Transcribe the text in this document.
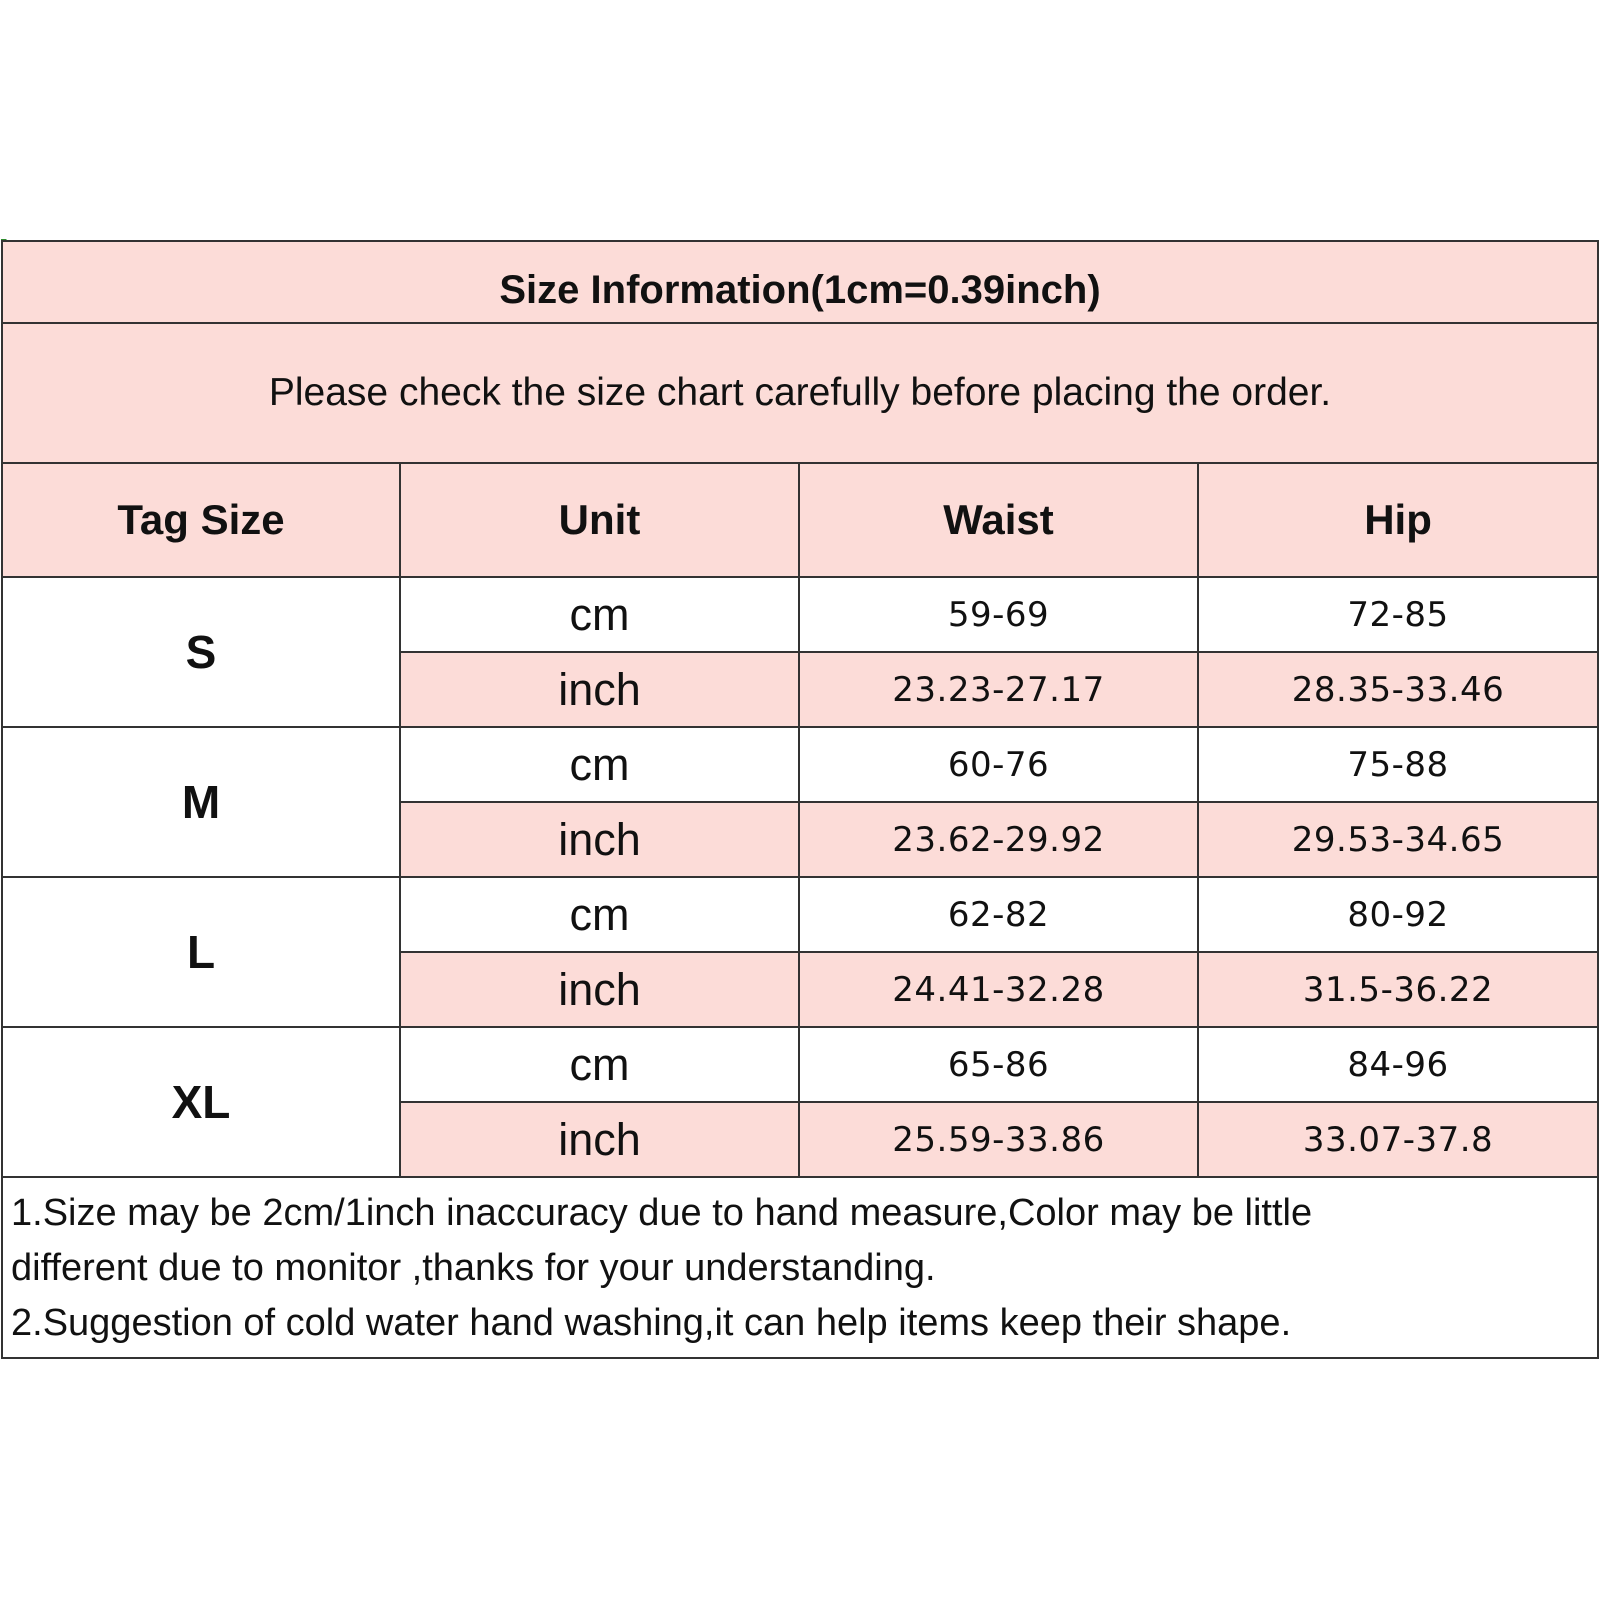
Size Information(1cm=0.39inch)			
Please check the size chart carefully before placing the order.			
Tag Size	Unit	Waist	Hip
S	cm	59-69	72-85
	inch	23.23-27.17	28.35-33.46
M	cm	60-76	75-88
	inch	23.62-29.92	29.53-34.65
L	cm	62-82	80-92
	inch	24.41-32.28	31.5-36.22
XL	cm	65-86	84-96
	inch	25.59-33.86	33.07-37.8

1.Size may be 2cm/1inch inaccuracy due to hand measure,Color may be little
different due to monitor ,thanks for your understanding.
2.Suggestion of cold water hand washing,it can help items keep their shape.			
